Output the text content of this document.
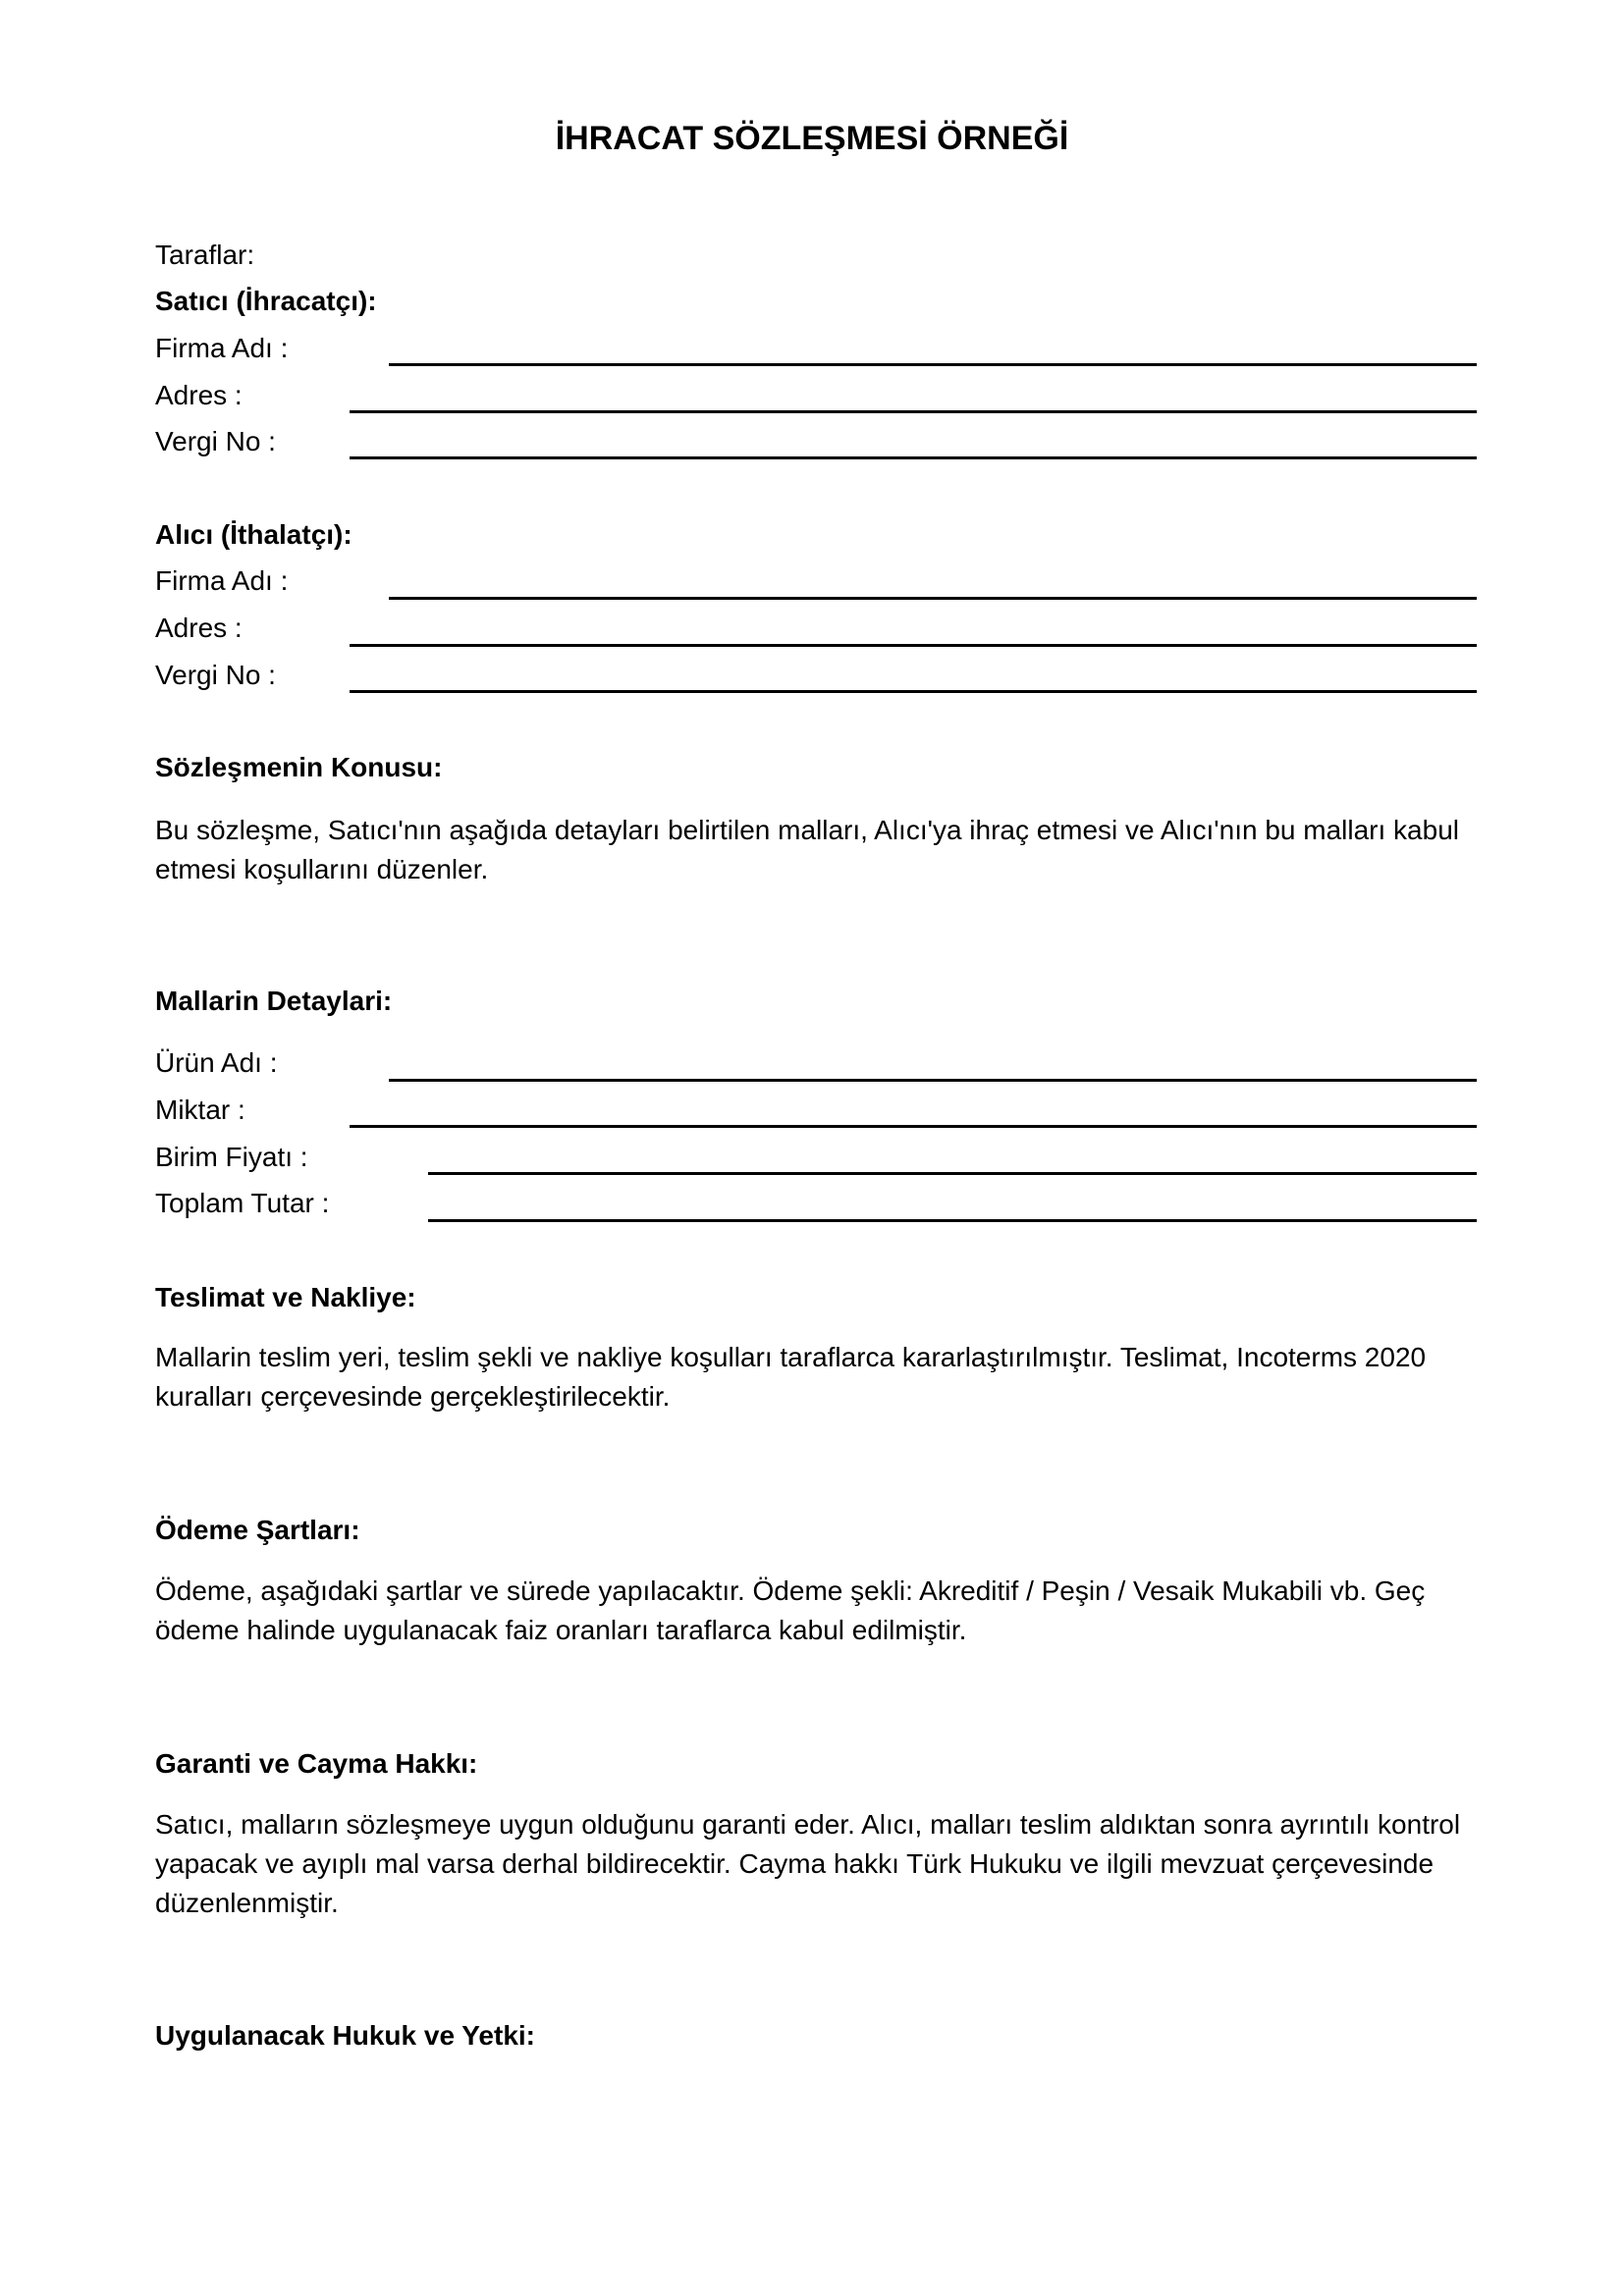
İHRACAT SÖZLEŞMESİ ÖRNEĞİ
Taraflar:
Satıcı (İhracatçı):
Firma Adı :
Adres :
Vergi No :
Alıcı (İthalatçı):
Firma Adı :
Adres :
Vergi No :
Sözleşmenin Konusu:
Bu sözleşme, Satıcı'nın aşağıda detayları belirtilen malları, Alıcı'ya ihraç etmesi ve Alıcı'nın bu malları kabul etmesi koşullarını düzenler.
Mallarin Detaylari:
Ürün Adı :
Miktar :
Birim Fiyatı :
Toplam Tutar :
Teslimat ve Nakliye:
Mallarin teslim yeri, teslim şekli ve nakliye koşulları taraflarca kararlaştırılmıştır. Teslimat, Incoterms 2020 kuralları çerçevesinde gerçekleştirilecektir.
Ödeme Şartları:
Ödeme, aşağıdaki şartlar ve sürede yapılacaktır. Ödeme şekli: Akreditif / Peşin / Vesaik Mukabili vb. Geç ödeme halinde uygulanacak faiz oranları taraflarca kabul edilmiştir.
Garanti ve Cayma Hakkı:
Satıcı, malların sözleşmeye uygun olduğunu garanti eder. Alıcı, malları teslim aldıktan sonra ayrıntılı kontrol yapacak ve ayıplı mal varsa derhal bildirecektir. Cayma hakkı Türk Hukuku ve ilgili mevzuat çerçevesinde düzenlenmiştir.
Uygulanacak Hukuk ve Yetki:
